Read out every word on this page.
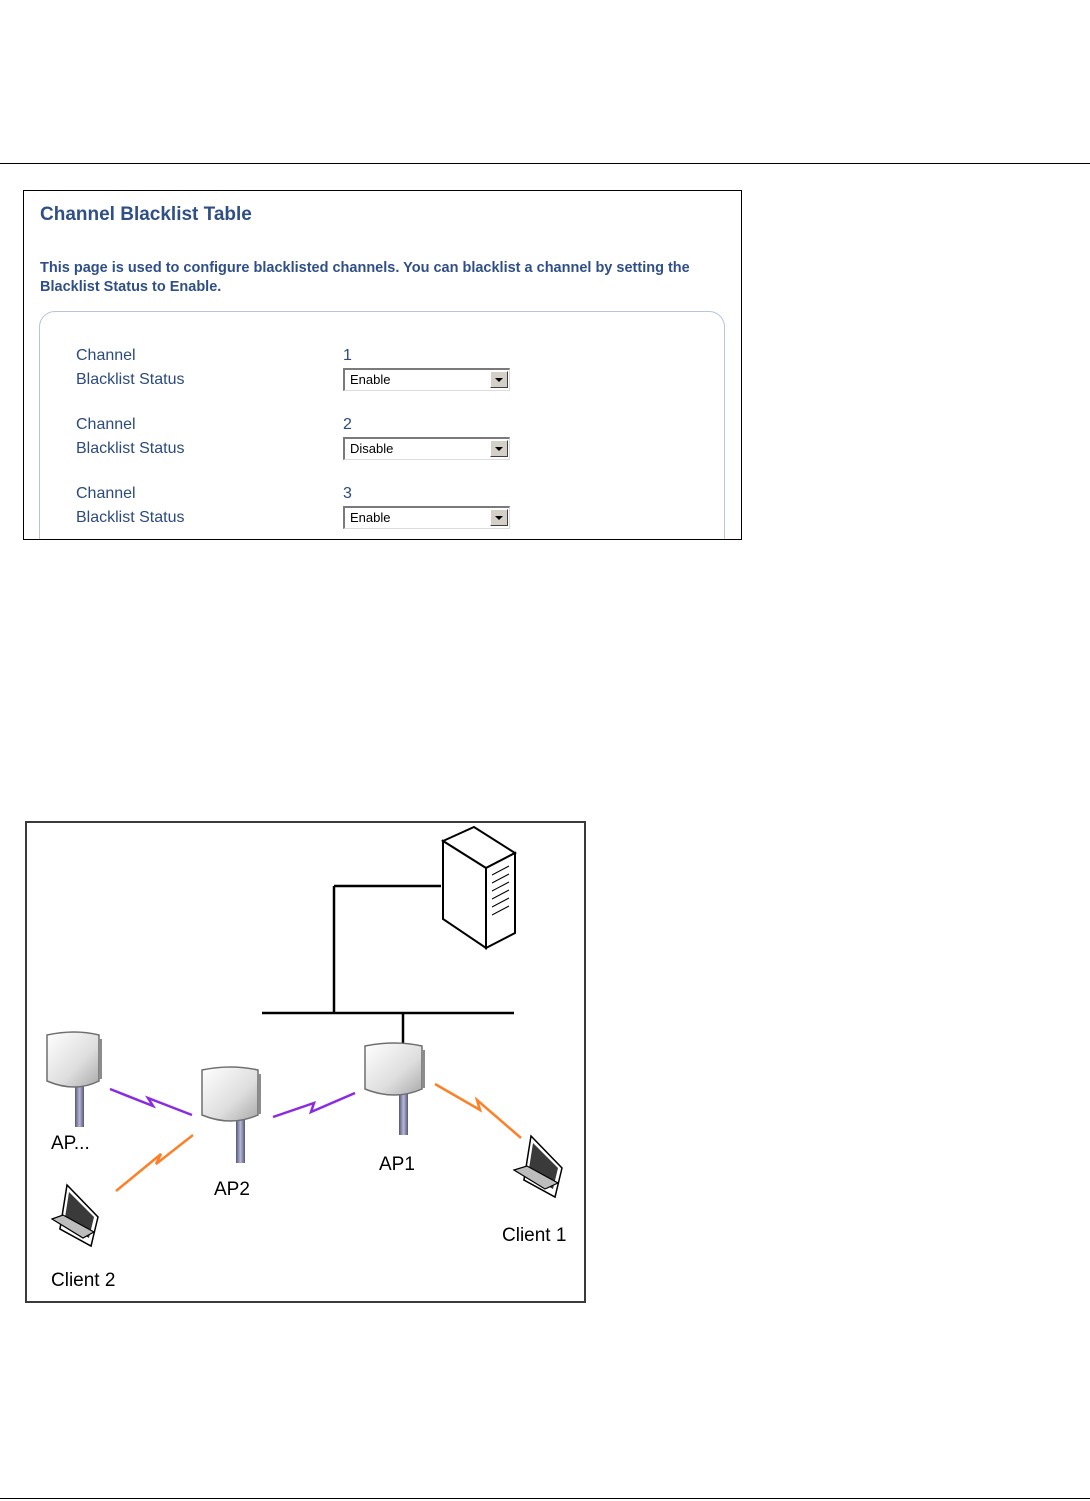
Channel Blacklist Table
This page is used to configure blacklisted channels. You can blacklist a channel by setting the Blacklist Status to Enable.
Channel	1
Blacklist Status	Enable
Channel	2
Blacklist Status	Disable
Channel	3
Blacklist Status	Enable
AP...
AP2
AP1
Client 1
Client 2
